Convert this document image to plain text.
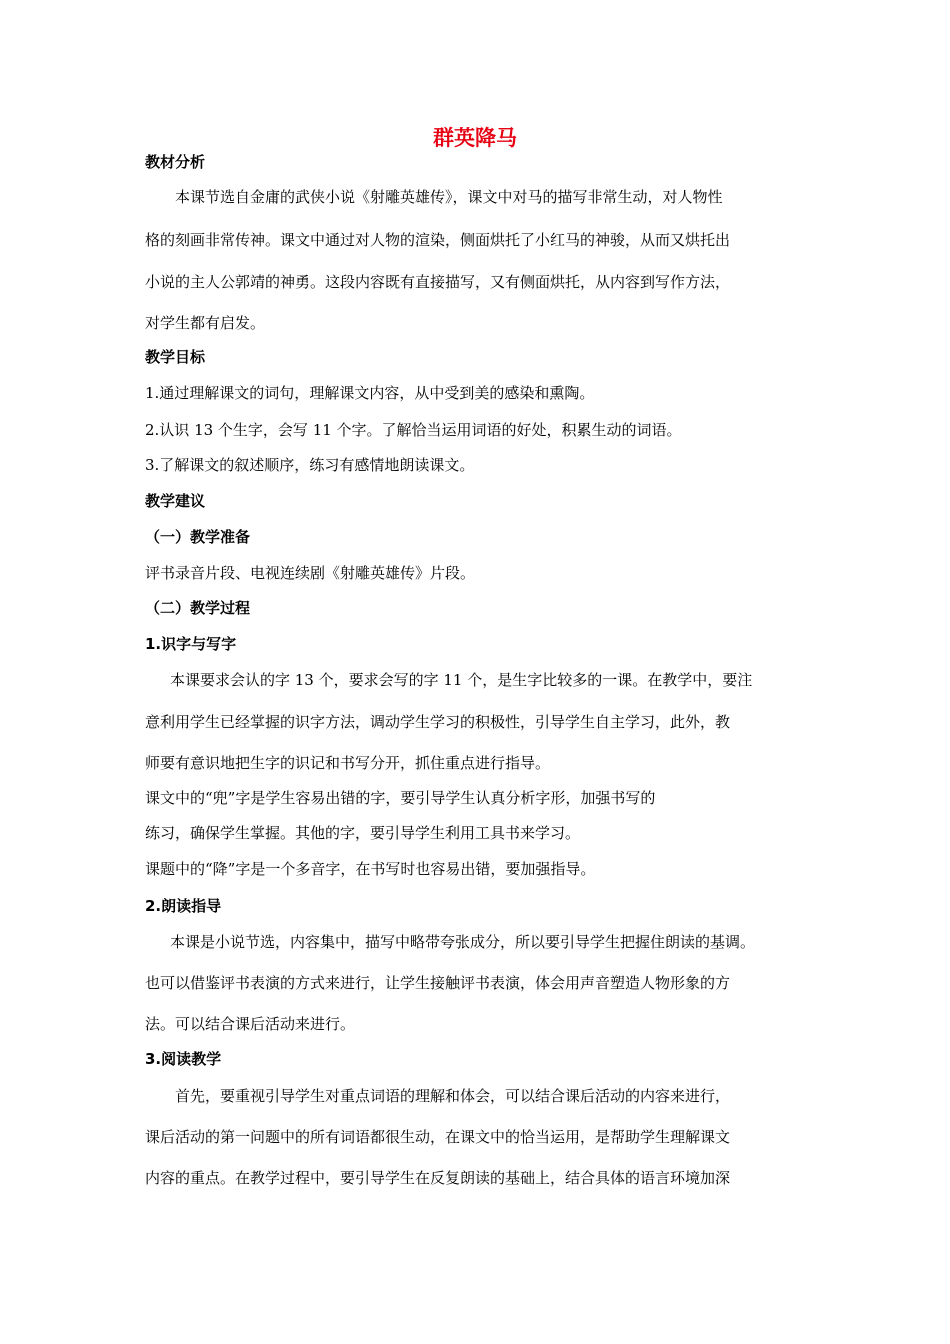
群英降马
教材分析
本课节选自金庸的武侠小说《射雕英雄传》，课文中对马的描写非常生动，对人物性
格的刻画非常传神。课文中通过对人物的渲染，侧面烘托了小红马的神骏，从而又烘托出
小说的主人公郭靖的神勇。这段内容既有直接描写，又有侧面烘托，从内容到写作方法，
对学生都有启发。
教学目标
1.通过理解课文的词句，理解课文内容，从中受到美的感染和熏陶。
2.认识 13 个生字，会写 11 个字。了解恰当运用词语的好处，积累生动的词语。
3.了解课文的叙述顺序，练习有感情地朗读课文。
教学建议
（一）教学准备
评书录音片段、电视连续剧《射雕英雄传》片段。
（二）教学过程
1.识字与写字
本课要求会认的字 13 个，要求会写的字 11 个，是生字比较多的一课。在教学中，要注
意利用学生已经掌握的识字方法，调动学生学习的积极性，引导学生自主学习，此外，教
师要有意识地把生字的识记和书写分开，抓住重点进行指导。
课文中的“兜”字是学生容易出错的字，要引导学生认真分析字形，加强书写的
练习，确保学生掌握。其他的字，要引导学生利用工具书来学习。
课题中的“降”字是一个多音字，在书写时也容易出错，要加强指导。
2.朗读指导
本课是小说节选，内容集中，描写中略带夸张成分，所以要引导学生把握住朗读的基调。
也可以借鉴评书表演的方式来进行，让学生接触评书表演，体会用声音塑造人物形象的方
法。可以结合课后活动来进行。
3.阅读教学
首先，要重视引导学生对重点词语的理解和体会，可以结合课后活动的内容来进行，
课后活动的第一问题中的所有词语都很生动，在课文中的恰当运用，是帮助学生理解课文
内容的重点。在教学过程中，要引导学生在反复朗读的基础上，结合具体的语言环境加深
